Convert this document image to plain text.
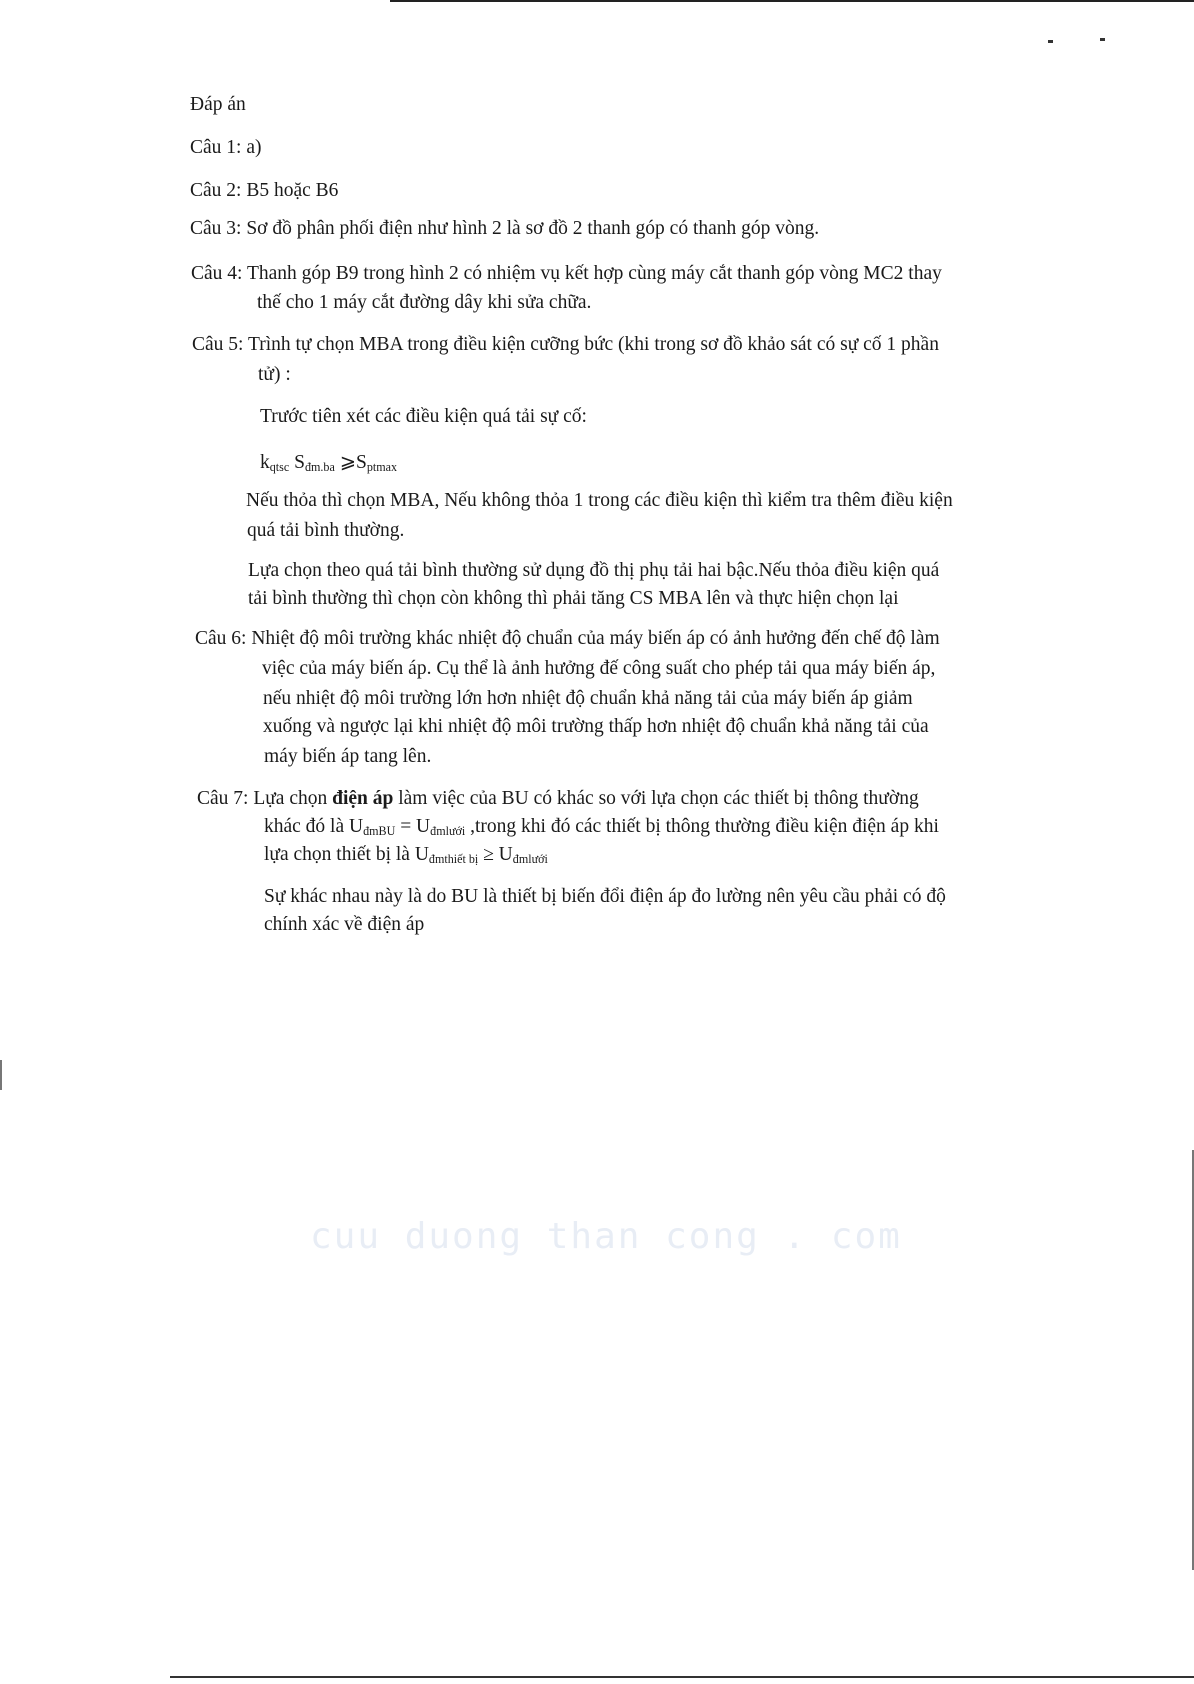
Đáp án
Câu 1: a)
Câu 2: B5 hoặc B6
Câu 3: Sơ đồ phân phối điện như hình 2 là sơ đồ 2 thanh góp có thanh góp vòng.
Câu 4: Thanh góp B9 trong hình 2 có nhiệm vụ kết hợp cùng máy cắt thanh góp vòng MC2 thay
thế cho 1 máy cắt đường dây khi sửa chữa.
Câu 5: Trình tự chọn MBA trong điều kiện cưỡng bức (khi trong sơ đồ khảo sát có sự cố 1 phần
tử) :
Trước tiên xét các điều kiện quá tải sự cố:
$k_{qtsc}$ $S_{đm.ba}$ $⩾S_{ptmax}$
Nếu thỏa thì chọn MBA, Nếu không thỏa 1 trong các điều kiện thì kiểm tra thêm điều kiện
quá tải bình thường.
Lựa chọn theo quá tải bình thường sử dụng đồ thị phụ tải hai bậc.Nếu thỏa điều kiện quá
tải bình thường thì chọn còn không thì phải tăng CS MBA lên và thực hiện chọn lại
Câu 6: Nhiệt độ môi trường khác nhiệt độ chuẩn của máy biến áp có ảnh hưởng đến chế độ làm
việc của máy biến áp. Cụ thể là ảnh hưởng đế công suất cho phép tải qua máy biến áp,
nếu nhiệt độ môi trường lớn hơn nhiệt độ chuẩn khả năng tải của máy biến áp giảm
xuống và ngược lại khi nhiệt độ môi trường thấp hơn nhiệt độ chuẩn khả năng tải của
máy biến áp tang lên.
Câu 7: Lựa chọn điện áp làm việc của BU có khác so với lựa chọn các thiết bị thông thường
khác đó là $U_{đmBU} = U_{đmlưới}$ ,trong khi đó các thiết bị thông thường điều kiện điện áp khi
lựa chọn thiết bị là $U_{đmthiết bị} \ge U_{đmlưới}$
Sự khác nhau này là do BU là thiết bị biến đổi điện áp đo lường nên yêu cầu phải có độ
chính xác về điện áp
cuu duong than cong . com
